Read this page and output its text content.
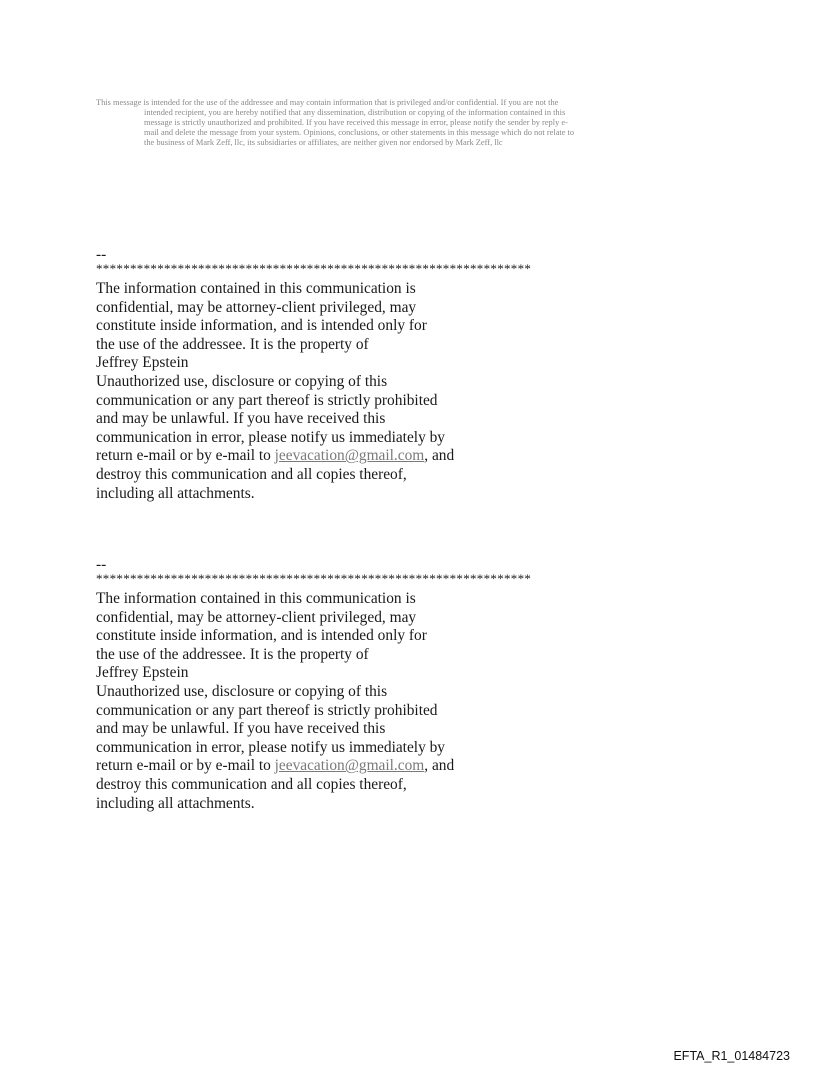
This message is intended for the use of the addressee and may contain information that is privileged and/or confidential. If you are not the
intended recipient, you are hereby notified that any dissemination, distribution or copying of the information contained in this
message is strictly unauthorized and prohibited. If you have received this message in error, please notify the sender by reply e-
mail and delete the message from your system. Opinions, conclusions, or other statements in this message which do not relate to
the business of Mark Zeff, llc, its subsidiaries or affiliates, are neither given nor endorsed by Mark Zeff, llc
--
****************************************************************
The information contained in this communication is
confidential, may be attorney-client privileged, may
constitute inside information, and is intended only for
the use of the addressee. It is the property of
Jeffrey Epstein
Unauthorized use, disclosure or copying of this
communication or any part thereof is strictly prohibited
and may be unlawful. If you have received this
communication in error, please notify us immediately by
return e-mail or by e-mail to jeevacation@gmail.com, and
destroy this communication and all copies thereof,
including all attachments.
--
****************************************************************
The information contained in this communication is
confidential, may be attorney-client privileged, may
constitute inside information, and is intended only for
the use of the addressee. It is the property of
Jeffrey Epstein
Unauthorized use, disclosure or copying of this
communication or any part thereof is strictly prohibited
and may be unlawful. If you have received this
communication in error, please notify us immediately by
return e-mail or by e-mail to jeevacation@gmail.com, and
destroy this communication and all copies thereof,
including all attachments.
EFTA_R1_01484723
